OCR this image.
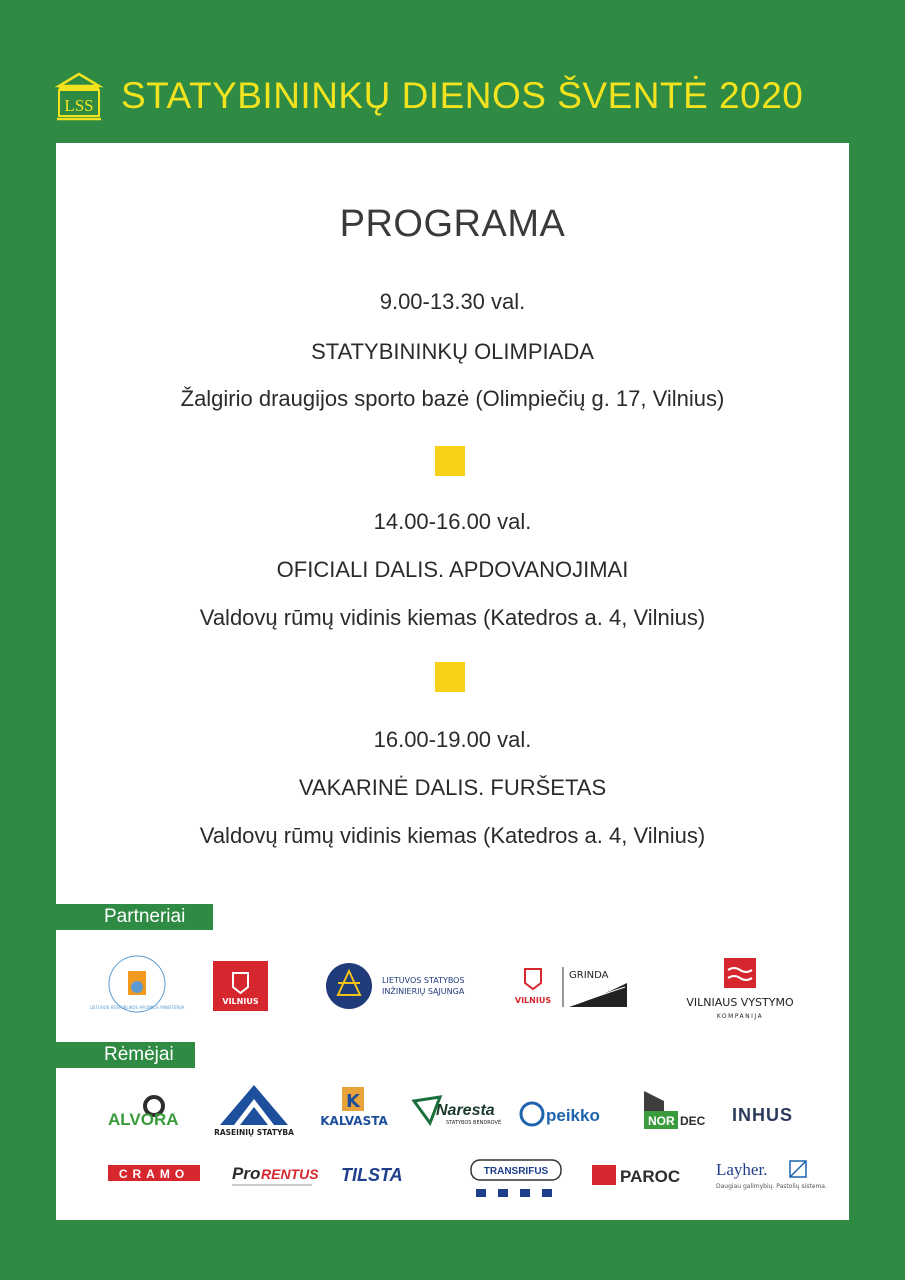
LSS STATYBININKŲ DIENOS ŠVENTĖ 2020
PROGRAMA
9.00-13.30 val.
STATYBININKŲ OLIMPIADA
Žalgirio draugijos sporto bazė (Olimpiečių g. 17, Vilnius)
14.00-16.00 val.
OFICIALI DALIS. APDOVANOJIMAI
Valdovų rūmų vidinis kiemas (Katedros a. 4, Vilnius)
16.00-19.00 val.
VAKARINĖ DALIS. FURŠETAS
Valdovų rūmų vidinis kiemas (Katedros a. 4, Vilnius)
Partneriai
LIETUVOS RESPUBLIKOS APLINKOS MINISTERIJA
VILNIUS
LIETUVOS STATYBOS
INŽINIERIŲ SĄJUNGA
VILNIUS
GRINDA
VILNIAUS VYSTYMO
KOMPANIJA
Rėmėjai
ALVORA
RASEINIŲ STATYBA
K
KALVASTA
Naresta
STATYBOS BENDROVĖ	peikko	NOR DEC INHUS
CRAMO	Pro RENTUS TILSTA	TRANSRIFUS	PAROC Layher.
Daugiau galimybių. Pastolių sistema.
